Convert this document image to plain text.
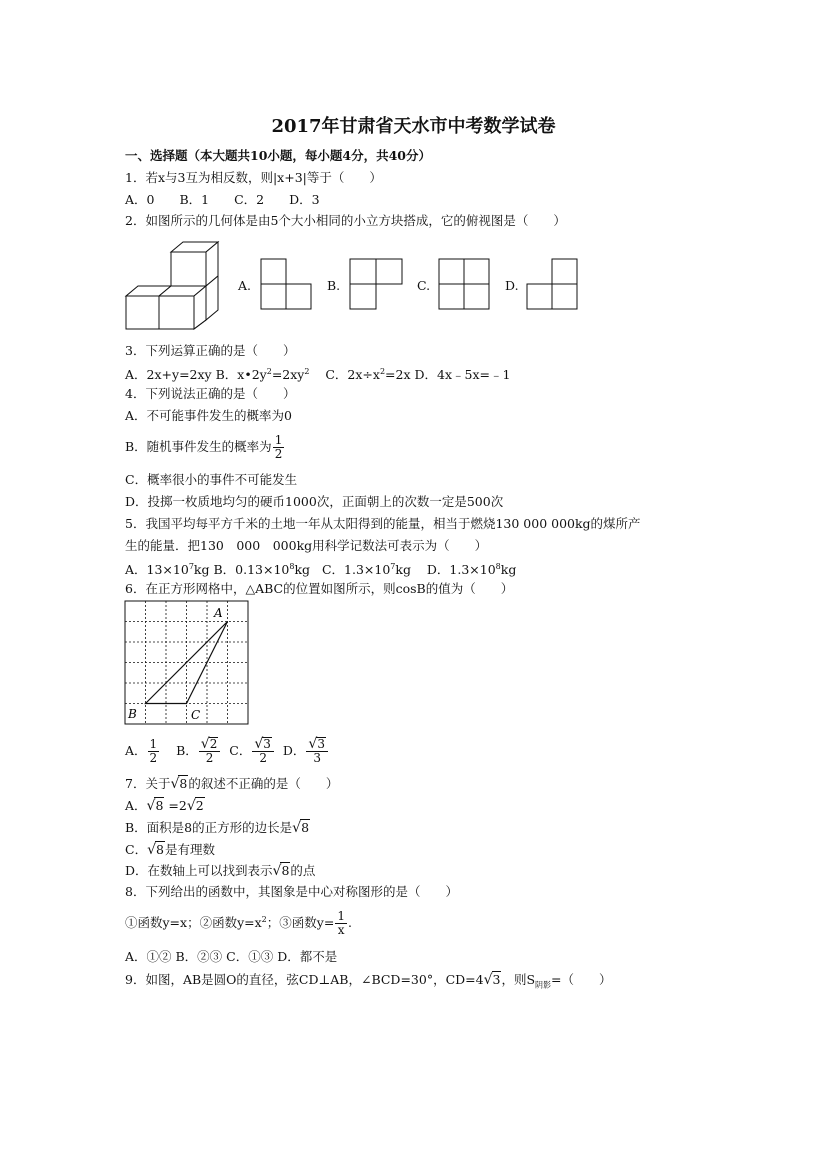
2017年甘肃省天水市中考数学试卷
一、选择题（本大题共10小题，每小题4分，共40分）
1．若x与3互为相反数，则|x+3|等于（　　）
A．0　　B．1　　C．2　　D．3
2．如图所示的几何体是由5个大小相同的小立方块搭成，它的俯视图是（　　）
A.	B.	C.	D.
3．下列运算正确的是（　　）
A．2x+y=2xy B．$x•2y^2=2xy^2$ C．$2x\div x^2=2x$ D．4x﹣5x=﹣1
4．下列说法正确的是（　　）
A．不可能事件发生的概率为0
B．随机事件发生的概率为 $\frac{1}{2}$
C．概率很小的事件不可能发生
D．投掷一枚质地均匀的硬币1000次，正面朝上的次数一定是500次
5．我国平均每平方千米的土地一年从太阳得到的能量，相当于燃烧130 000 000kg的煤所产
生的能量．把130　000　000kg用科学记数法可表示为（　　）
A．$13\times 10^7kg$ B．$0.13\times 10^8kg$ C．$1.3\times 10^7kg$ D．$1.3\times 10^8kg$
6．在正方形网格中，△ABC的位置如图所示，则cosB的值为（　　）
A
B	C
A． $\frac{1}{2}$ B． $\frac{√2}{2}$ C． $\frac{√3}{2}$ D． $\frac{√3}{3}$
7．关于√8的叙述不正确的是（　　）
A．√8 =2√2
B．面积是8的正方形的边长是√8
C．√8是有理数
D．在数轴上可以找到表示√8的点
8．下列给出的函数中，其图象是中心对称图形的是（　　）
①函数y=x；②函数$y=x^2$；③函数$y= \frac{1}{x}$ .
A．①② B．②③ C．①③ D．都不是
9．如图，AB是圆O的直径，弦CD⊥AB，∠BCD=30°，CD=4√3，则$S_{阴影}=$（　　）
